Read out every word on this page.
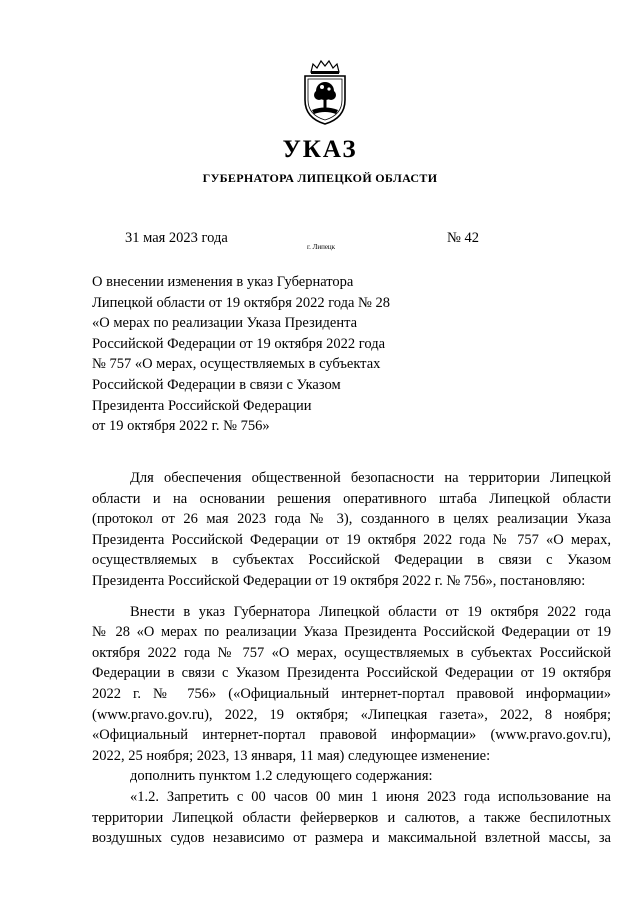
УКАЗ
ГУБЕРНАТОРА ЛИПЕЦКОЙ ОБЛАСТИ
31 мая 2023 года
г. Липецк
№ 42
О внесении изменения в указ Губернатора
Липецкой области от 19 октября 2022 года № 28
«О мерах по реализации Указа Президента
Российской Федерации от 19 октября 2022 года
№ 757 «О мерах, осуществляемых в субъектах
Российской Федерации в связи с Указом
Президента Российской Федерации
от 19 октября 2022 г. № 756»
Для обеспечения общественной безопасности на территории Липецкой
области и на основании решения оперативного штаба Липецкой области
(протокол от 26 мая 2023 года № 3), созданного в целях реализации Указа
Президента Российской Федерации от 19 октября 2022 года № 757 «О мерах,
осуществляемых в субъектах Российской Федерации в связи с Указом
Президента Российской Федерации от 19 октября 2022 г. № 756», постановляю:
Внести в указ Губернатора Липецкой области от 19 октября 2022 года
№ 28 «О мерах по реализации Указа Президента Российской Федерации от 19
октября 2022 года № 757 «О мерах, осуществляемых в субъектах Российской
Федерации в связи с Указом Президента Российской Федерации от 19 октября
2022 г. № 756» («Официальный интернет-портал правовой информации»
(www.pravo.gov.ru), 2022, 19 октября; «Липецкая газета», 2022, 8 ноября;
«Официальный интернет-портал правовой информации» (www.pravo.gov.ru),
2022, 25 ноября; 2023, 13 января, 11 мая) следующее изменение:
дополнить пунктом 1.2 следующего содержания:
«1.2. Запретить с 00 часов 00 мин 1 июня 2023 года использование на
территории Липецкой области фейерверков и салютов, а также беспилотных
воздушных судов независимо от размера и максимальной взлетной массы, за
